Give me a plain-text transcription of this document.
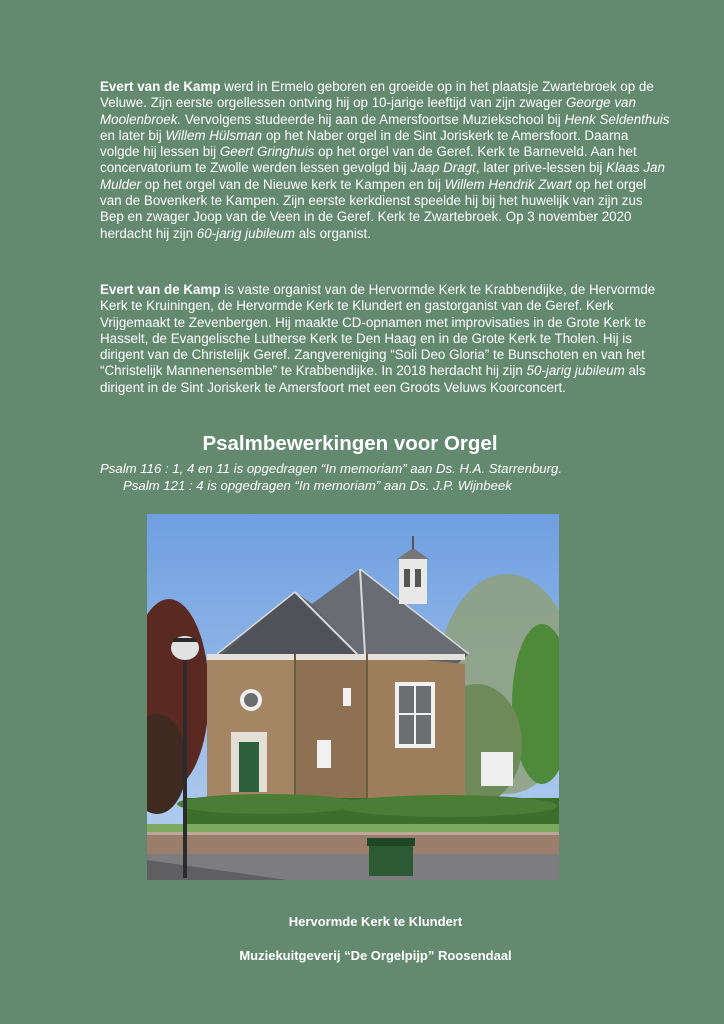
Evert van de Kamp werd in Ermelo geboren en groeide op in het plaatsje Zwartebroek op de Veluwe. Zijn eerste orgellessen ontving hij op 10-jarige leeftijd van zijn zwager George van Moolenbroek. Vervolgens studeerde hij aan de Amersfoortse Muziekschool bij Henk Seldenthuis en later bij Willem Hülsman op het Naber orgel in de Sint Joriskerk te Amersfoort. Daarna volgde hij lessen bij Geert Gringhuis op het orgel van de Geref. Kerk te Barneveld. Aan het concervatorium te Zwolle werden lessen gevolgd bij Jaap Dragt, later prive-lessen bij Klaas Jan Mulder op het orgel van de Nieuwe kerk te Kampen en bij Willem Hendrik Zwart op het orgel van de Bovenkerk te Kampen. Zijn eerste kerkdienst speelde hij bij het huwelijk van zijn zus Bep en zwager Joop van de Veen in de Geref. Kerk te Zwartebroek. Op 3 november 2020 herdacht hij zijn 60-jarig jubileum als organist.

Evert van de Kamp is vaste organist van de Hervormde Kerk te Krabbendijke, de Hervormde Kerk te Kruiningen, de Hervormde Kerk te Klundert en gastorganist van de Geref. Kerk Vrijgemaakt te Zevenbergen. Hij maakte CD-opnamen met improvisaties in de Grote Kerk te Hasselt, de Evangelische Lutherse Kerk te Den Haag en in de Grote Kerk te Tholen. Hij is dirigent van de Christelijk Geref. Zangvereniging “Soli Deo Gloria” te Bunschoten en van het “Christelijk Mannenensemble” te Krabbendijke. In 2018 herdacht hij zijn 50-jarig jubileum als dirigent in de Sint Joriskerk te Amersfoort met een Groots Veluws Koorconcert.

Psalmbewerkingen voor Orgel

Psalm 116 : 1, 4 en 11 is opgedragen “In memoriam” aan Ds. H.A. Starrenburg.

Psalm 121 : 4 is opgedragen “In memoriam” aan Ds. J.P. Wijnbeek

Hervormde Kerk te Klundert

Muziekuitgeverij “De Orgelpijp” Roosendaal
